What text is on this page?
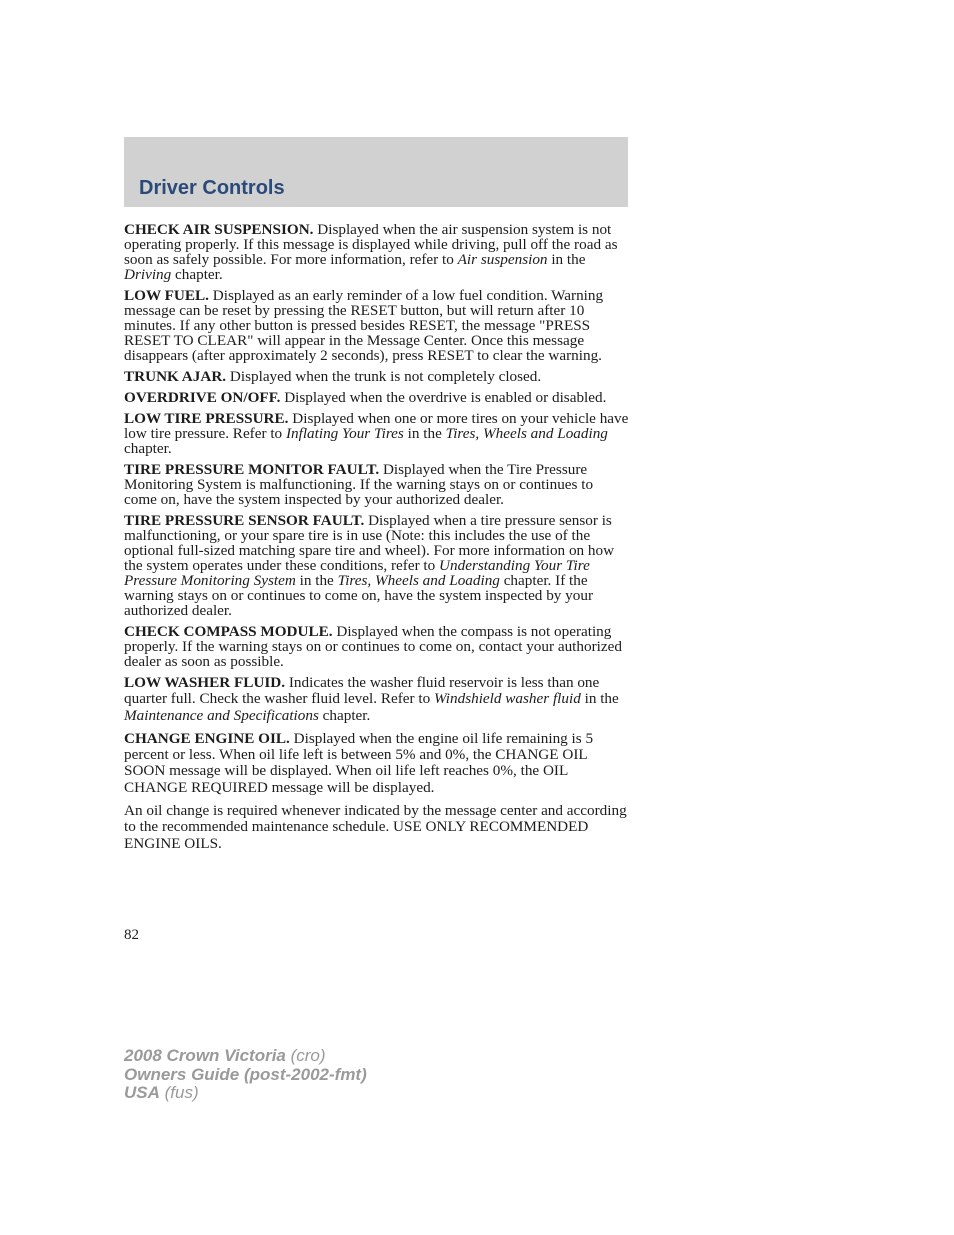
Driver Controls

CHECK AIR SUSPENSION. Displayed when the air suspension system is not operating properly. If this message is displayed while driving, pull off the road as soon as safely possible. For more information, refer to Air suspension in the Driving chapter.

LOW FUEL. Displayed as an early reminder of a low fuel condition. Warning message can be reset by pressing the RESET button, but will return after 10 minutes. If any other button is pressed besides RESET, the message "PRESS RESET TO CLEAR" will appear in the Message Center. Once this message disappears (after approximately 2 seconds), press RESET to clear the warning.

TRUNK AJAR. Displayed when the trunk is not completely closed.

OVERDRIVE ON/OFF. Displayed when the overdrive is enabled or disabled.

LOW TIRE PRESSURE. Displayed when one or more tires on your vehicle have low tire pressure. Refer to Inflating Your Tires in the Tires, Wheels and Loading chapter.

TIRE PRESSURE MONITOR FAULT. Displayed when the Tire Pressure Monitoring System is malfunctioning. If the warning stays on or continues to come on, have the system inspected by your authorized dealer.

TIRE PRESSURE SENSOR FAULT. Displayed when a tire pressure sensor is malfunctioning, or your spare tire is in use (Note: this includes the use of the optional full-sized matching spare tire and wheel). For more information on how the system operates under these conditions, refer to Understanding Your Tire Pressure Monitoring System in the Tires, Wheels and Loading chapter. If the warning stays on or continues to come on, have the system inspected by your authorized dealer.

CHECK COMPASS MODULE. Displayed when the compass is not operating properly. If the warning stays on or continues to come on, contact your authorized dealer as soon as possible.

LOW WASHER FLUID. Indicates the washer fluid reservoir is less than one quarter full. Check the washer fluid level. Refer to Windshield washer fluid in the Maintenance and Specifications chapter.

CHANGE ENGINE OIL. Displayed when the engine oil life remaining is 5 percent or less. When oil life left is between 5% and 0%, the CHANGE OIL SOON message will be displayed. When oil life left reaches 0%, the OIL CHANGE REQUIRED message will be displayed.

An oil change is required whenever indicated by the message center and according to the recommended maintenance schedule. USE ONLY RECOMMENDED ENGINE OILS.

82
2008 Crown Victoria (cro)
Owners Guide (post-2002-fmt)
USA (fus)
